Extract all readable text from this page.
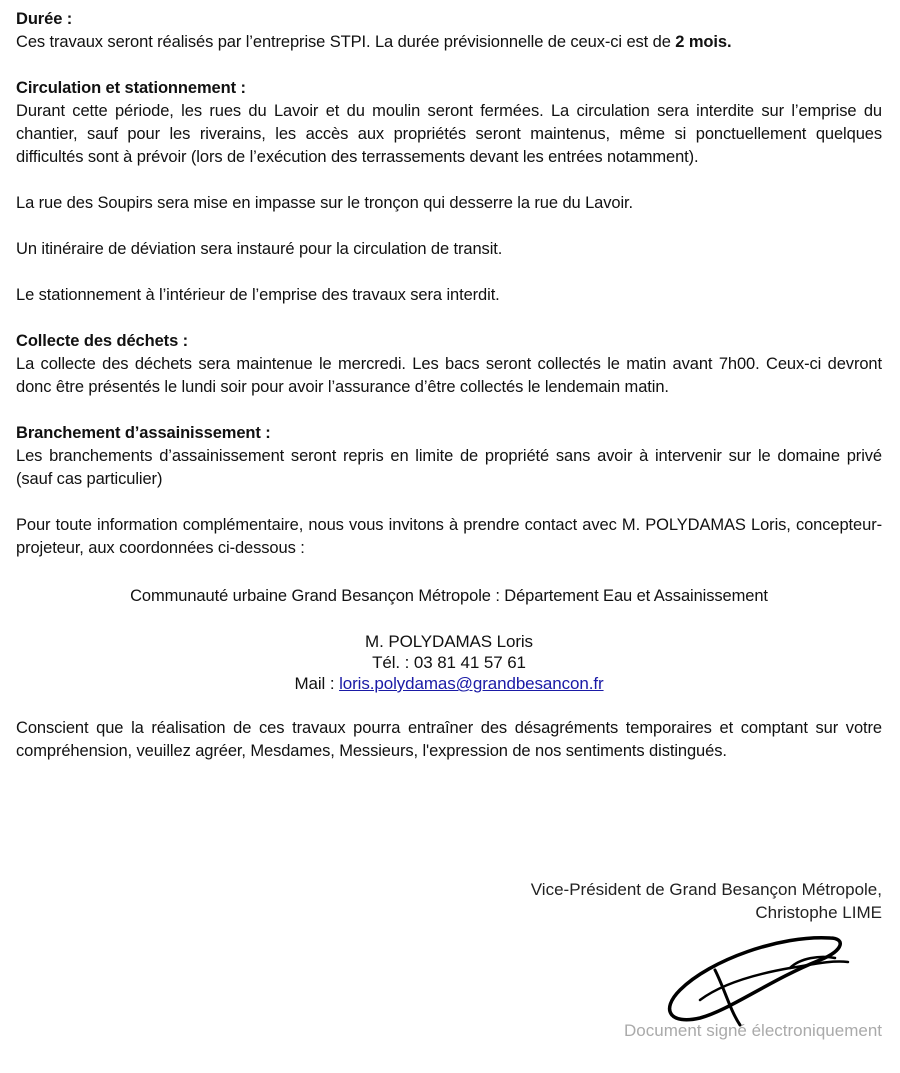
Durée :

Ces travaux seront réalisés par l’entreprise STPI. La durée prévisionnelle de ceux-ci est de 2 mois.

Circulation et stationnement :

Durant cette période, les rues du Lavoir et du moulin seront fermées. La circulation sera interdite sur l’emprise du chantier, sauf pour les riverains, les accès aux propriétés seront maintenus, même si ponctuellement quelques difficultés sont à prévoir (lors de l’exécution des terrassements devant les entrées notamment).

La rue des Soupirs sera mise en impasse sur le tronçon qui desserre la rue du Lavoir.

Un itinéraire de déviation sera instauré pour la circulation de transit.

Le stationnement à l’intérieur de l’emprise des travaux sera interdit.

Collecte des déchets :

La collecte des déchets sera maintenue le mercredi. Les bacs seront collectés le matin avant 7h00. Ceux-ci devront donc être présentés le lundi soir pour avoir l’assurance d’être collectés le lendemain matin.

Branchement d’assainissement :

Les branchements d’assainissement seront repris en limite de propriété sans avoir à intervenir sur le domaine privé (sauf cas particulier)

Pour toute information complémentaire, nous vous invitons à prendre contact avec M. POLYDAMAS Loris, concepteur-projeteur, aux coordonnées ci-dessous :

Communauté urbaine Grand Besançon Métropole : Département Eau et Assainissement

M. POLYDAMAS Loris
Tél. : 03 81 41 57 61
Mail : loris.polydamas@grandbesancon.fr

Conscient que la réalisation de ces travaux pourra entraîner des désagréments temporaires et comptant sur votre compréhension, veuillez agréer, Mesdames, Messieurs, l'expression de nos sentiments distingués.

Vice-Président de Grand Besançon Métropole,
Christophe LIME
Document signé électroniquement
